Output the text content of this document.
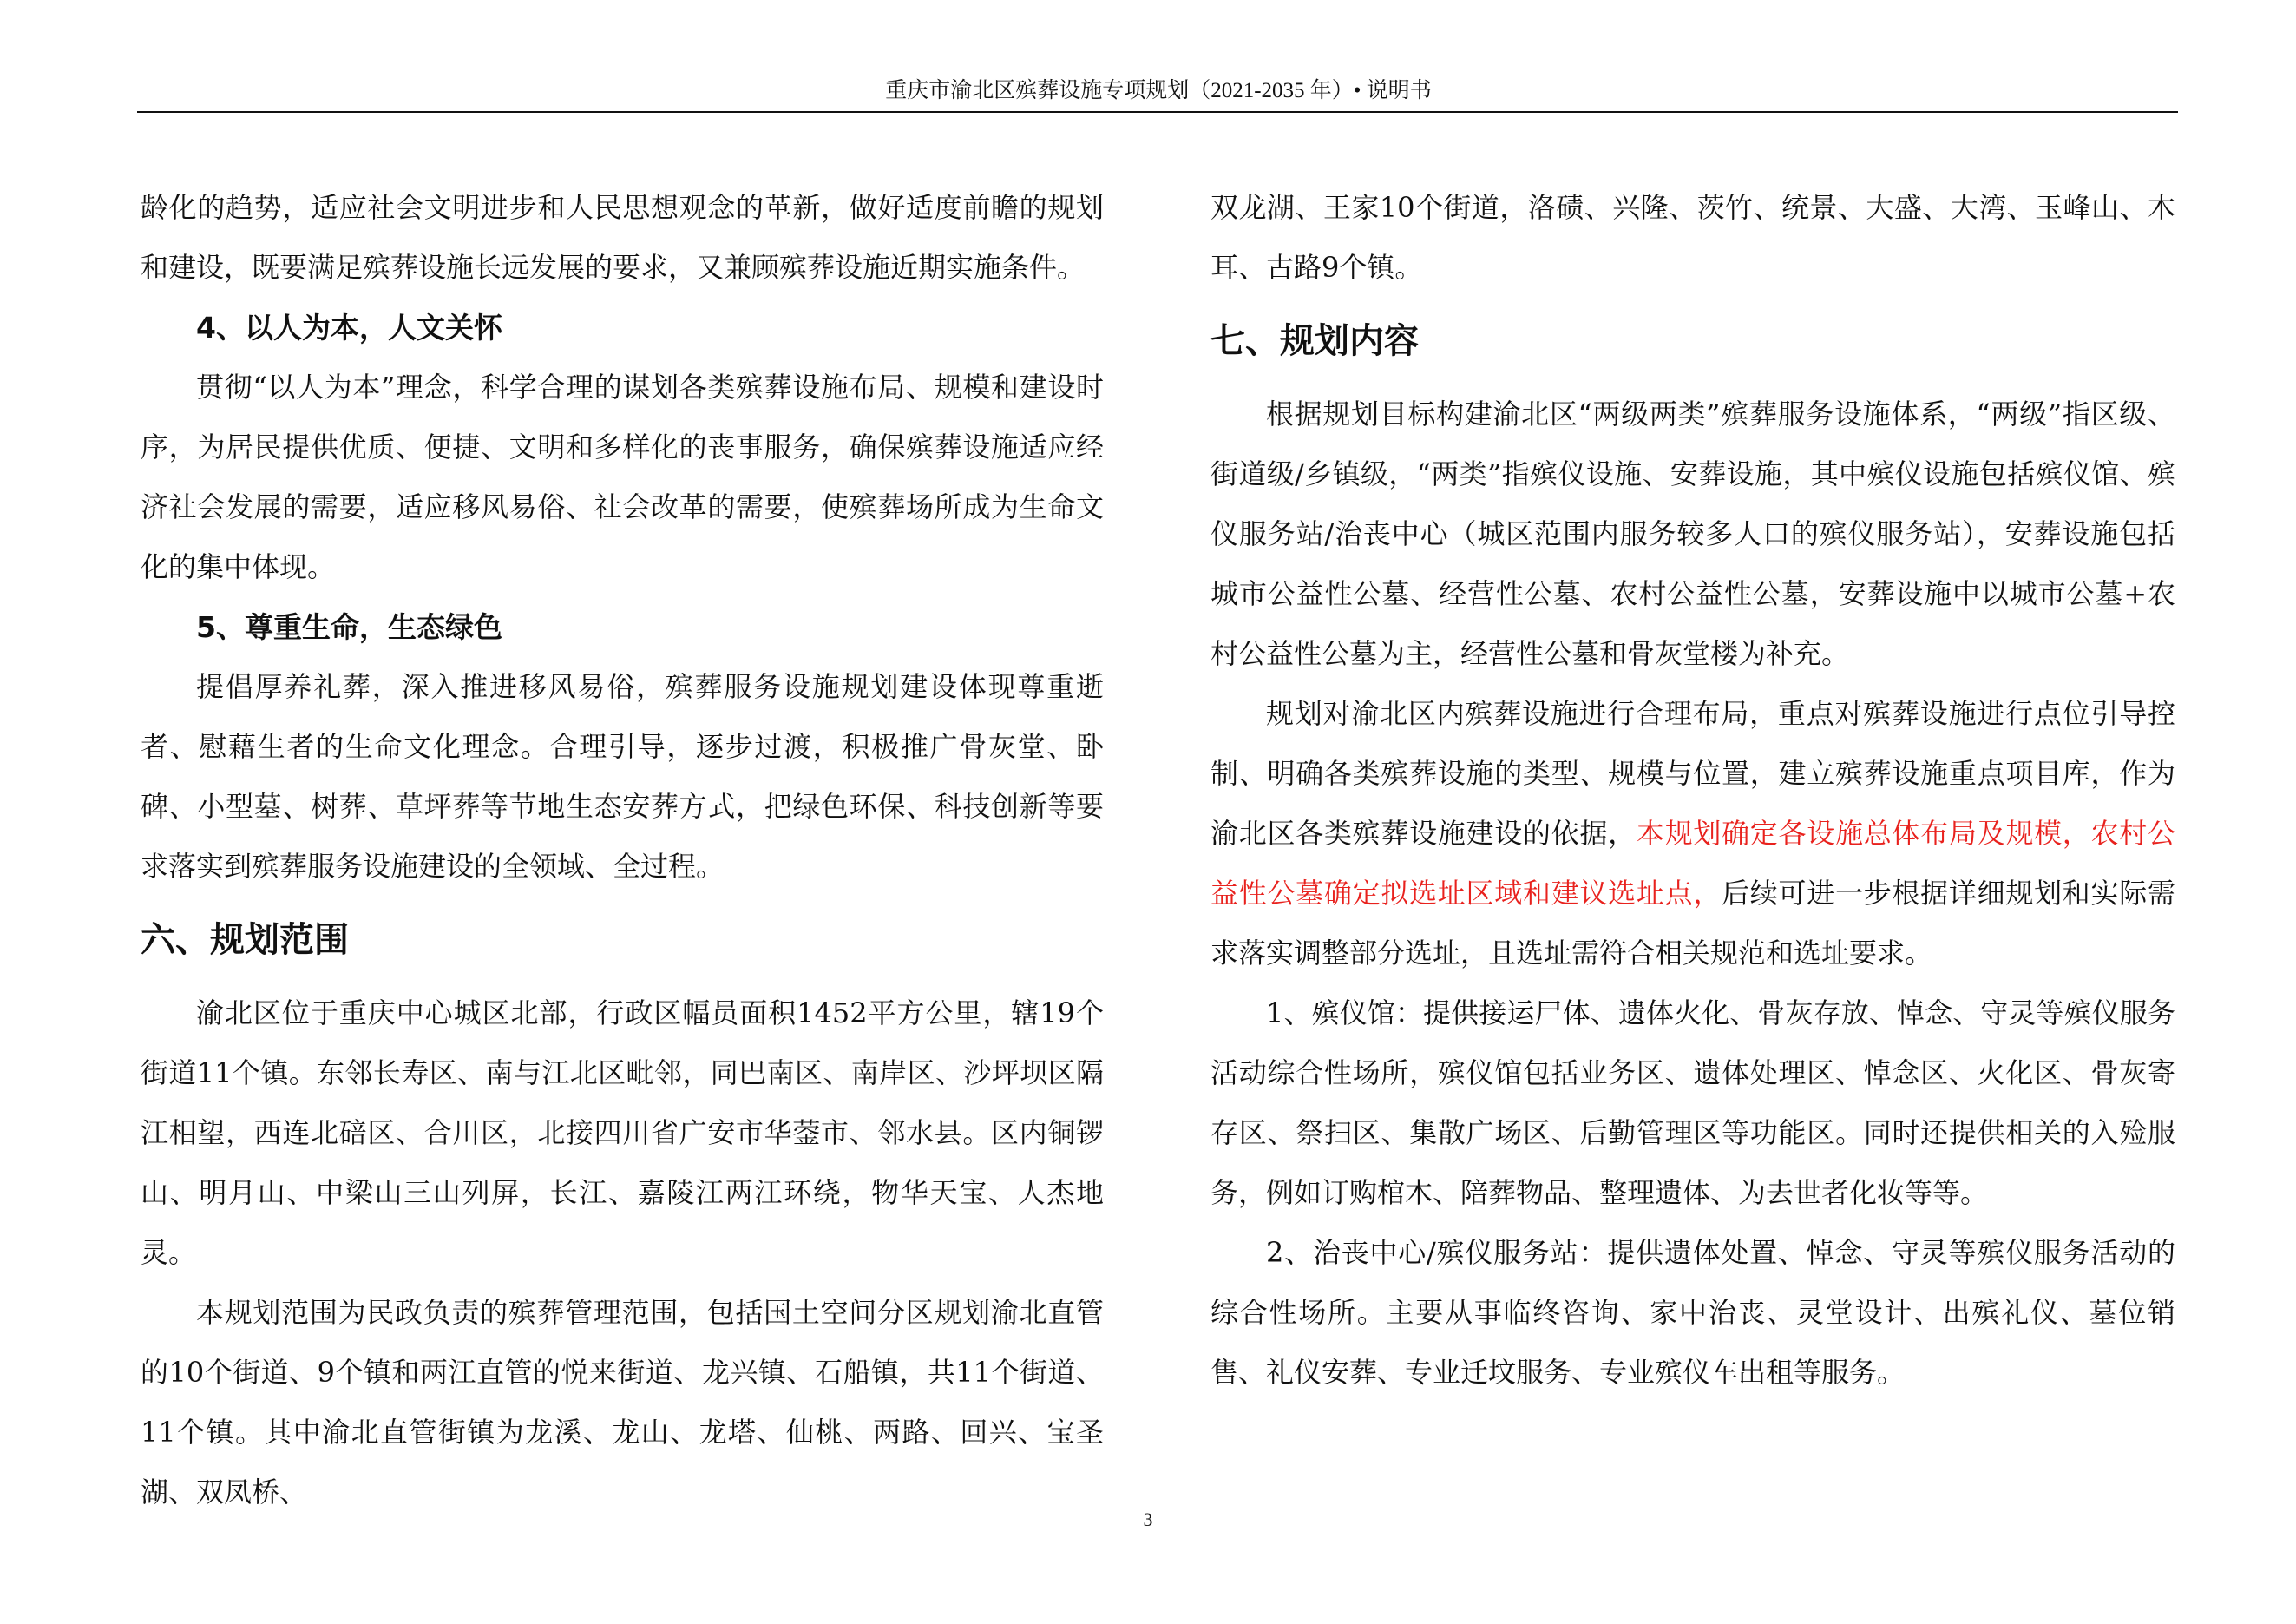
重庆市渝北区殡葬设施专项规划（2021-2035 年）• 说明书

龄化的趋势，适应社会文明进步和人民思想观念的革新，做好适度前瞻的规划和建设，既要满足殡葬设施长远发展的要求，又兼顾殡葬设施近期实施条件。

4、以人为本，人文关怀

贯彻“以人为本”理念，科学合理的谋划各类殡葬设施布局、规模和建设时序，为居民提供优质、便捷、文明和多样化的丧事服务，确保殡葬设施适应经济社会发展的需要，适应移风易俗、社会改革的需要，使殡葬场所成为生命文化的集中体现。

5、尊重生命，生态绿色

提倡厚养礼葬，深入推进移风易俗，殡葬服务设施规划建设体现尊重逝者、慰藉生者的生命文化理念。合理引导，逐步过渡，积极推广骨灰堂、卧碑、小型墓、树葬、草坪葬等节地生态安葬方式，把绿色环保、科技创新等要求落实到殡葬服务设施建设的全领域、全过程。

六、规划范围

渝北区位于重庆中心城区北部，行政区幅员面积1452平方公里，辖19个街道11个镇。东邻长寿区、南与江北区毗邻，同巴南区、南岸区、沙坪坝区隔江相望，西连北碚区、合川区，北接四川省广安市华蓥市、邻水县。区内铜锣山、明月山、中梁山三山列屏，长江、嘉陵江两江环绕，物华天宝、人杰地灵。

本规划范围为民政负责的殡葬管理范围，包括国土空间分区规划渝北直管的10个街道、9个镇和两江直管的悦来街道、龙兴镇、石船镇，共11个街道、11个镇。其中渝北直管街镇为龙溪、龙山、龙塔、仙桃、两路、回兴、宝圣湖、双凤桥、

双龙湖、王家10个街道，洛碛、兴隆、茨竹、统景、大盛、大湾、玉峰山、木耳、古路9个镇。

七、规划内容

根据规划目标构建渝北区“两级两类”殡葬服务设施体系，“两级”指区级、街道级/乡镇级，“两类”指殡仪设施、安葬设施，其中殡仪设施包括殡仪馆、殡仪服务站/治丧中心（城区范围内服务较多人口的殡仪服务站），安葬设施包括城市公益性公墓、经营性公墓、农村公益性公墓，安葬设施中以城市公墓+农村公益性公墓为主，经营性公墓和骨灰堂楼为补充。

规划对渝北区内殡葬设施进行合理布局，重点对殡葬设施进行点位引导控制、明确各类殡葬设施的类型、规模与位置，建立殡葬设施重点项目库，作为渝北区各类殡葬设施建设的依据，本规划确定各设施总体布局及规模，农村公益性公墓确定拟选址区域和建议选址点，后续可进一步根据详细规划和实际需求落实调整部分选址，且选址需符合相关规范和选址要求。

1、殡仪馆：提供接运尸体、遗体火化、骨灰存放、悼念、守灵等殡仪服务活动综合性场所，殡仪馆包括业务区、遗体处理区、悼念区、火化区、骨灰寄存区、祭扫区、集散广场区、后勤管理区等功能区。同时还提供相关的入殓服务，例如订购棺木、陪葬物品、整理遗体、为去世者化妆等等。

2、治丧中心/殡仪服务站：提供遗体处置、悼念、守灵等殡仪服务活动的综合性场所。主要从事临终咨询、家中治丧、灵堂设计、出殡礼仪、墓位销售、礼仪安葬、专业迁坟服务、专业殡仪车出租等服务。

3
